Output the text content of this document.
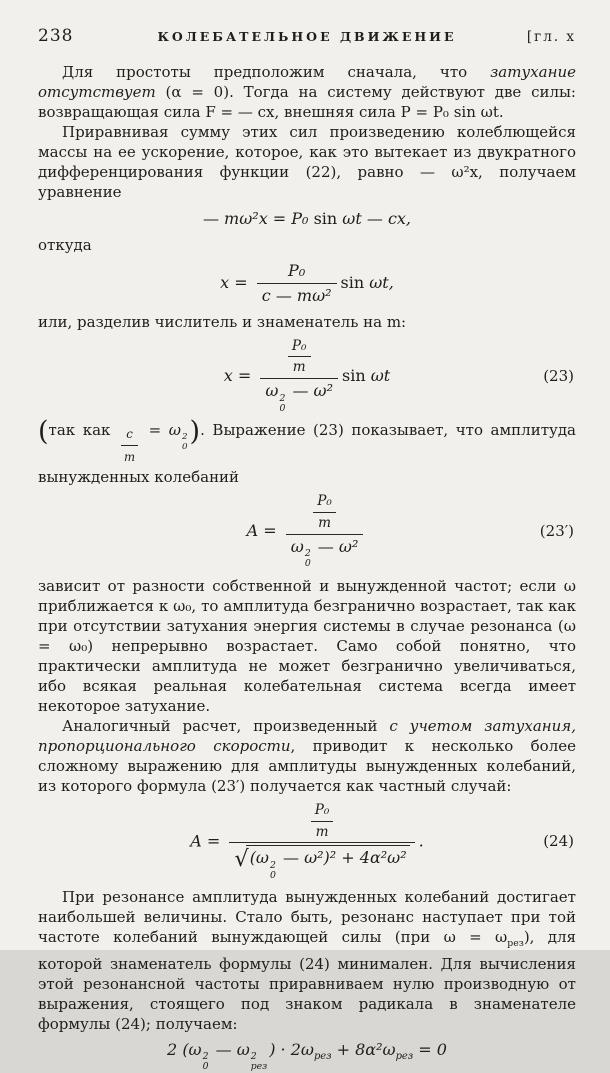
238	КОЛЕБАТЕЛЬНОЕ ДВИЖЕНИЕ	[гл. х

Для простоты предположим сначала, что затухание отсутствует (α = 0). Тогда на систему действуют две силы: возвращающая сила F = — cx, внешняя сила P = P₀ sin ωt.

Приравнивая сумму этих сил произведению колеблющейся массы на ее ускорение, которое, как это вытекает из двукратного дифференцирования функции (22), равно — ω²x, получаем уравнение

— mω²x = P₀ sin ωt — cx,

откуда

$x = \frac{\text{P₀}}{\text{c — mω²}}$ sin ωt,

или, разделив числитель и знаменатель на m:

$x = \frac{\text{P₀}}{m}$
ω 2
0
— ω² sin ωt	(23)

(так как $\frac{c}{m} = \omega$ 2
0 ). Выражение (23) показывает, что амплитуда вынужденных колебаний

$A = \frac{\text{P₀}}{m}$
ω 2
0
— ω²	(23′)

зависит от разности собственной и вынужденной частот; если ω приближается к ω₀, то амплитуда безгранично возрастает, так как при отсутствии затухания энергия системы в случае резонанса (ω = ω₀) непрерывно возрастает. Само собой понятно, что практически амплитуда не может безгранично увеличиваться, ибо всякая реальная колебательная система всегда имеет некоторое затухание.

Аналогичный расчет, произведенный с учетом затухания, пропорционального скорости, приводит к несколько более сложному выражению для амплитуды вынужденных колебаний, из которого формула (23′) получается как частный случай:

$A = \frac{\text{P₀}}{m}$
√(ω 2
0
— ω²)² + 4α²ω² .	(24)

При резонансе амплитуда вынужденных колебаний достигает наибольшей величины. Стало быть, резонанс наступает при той частоте колебаний вынуждающей силы (при $\omega = \omega_{рез}$), для которой знаменатель формулы (24) минимален. Для вычисления этой резонансной частоты приравниваем нулю производную от выражения, стоящего под знаком радикала в знаменателе формулы (24); получаем:

2 (ω 2
0
— ω 2
рез
) · $2\omega_{рез} + 8\alpha^2\omega_{рез} = 0$
